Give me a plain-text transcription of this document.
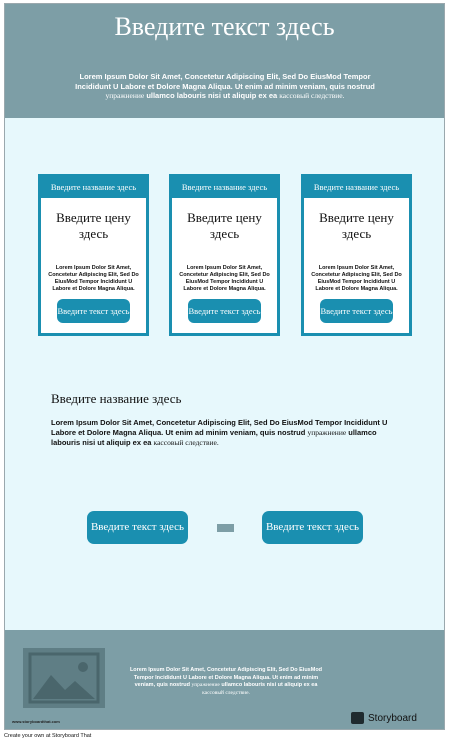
Введите текст здесь
Lorem Ipsum Dolor Sit Amet, Concetetur Adipiscing Elit, Sed Do EiusMod Tempor Incididunt U Labore et Dolore Magna Aliqua. Ut enim ad minim veniam, quis nostrud упражнение ullamco labouris nisi ut aliquip ex ea кассовый следствие.
Введите название здесь
Введите цену здесь
Lorem Ipsum Dolor Sit Amet, Concetetur Adipiscing Elit, Sed Do EiusMod Tempor Incididunt U Labore et Dolore Magna Aliqua.
Введите текст здесь
Введите название здесь
Введите цену здесь
Lorem Ipsum Dolor Sit Amet, Concetetur Adipiscing Elit, Sed Do EiusMod Tempor Incididunt U Labore et Dolore Magna Aliqua.
Введите текст здесь
Введите название здесь
Введите цену здесь
Lorem Ipsum Dolor Sit Amet, Concetetur Adipiscing Elit, Sed Do EiusMod Tempor Incididunt U Labore et Dolore Magna Aliqua.
Введите текст здесь
Введите название здесь
Lorem Ipsum Dolor Sit Amet, Concetetur Adipiscing Elit, Sed Do EiusMod Tempor Incididunt U Labore et Dolore Magna Aliqua. Ut enim ad minim veniam, quis nostrud упражнение ullamco labouris nisi ut aliquip ex ea кассовый следствие.
Введите текст здесь	Введите текст здесь
Lorem Ipsum Dolor Sit Amet, Concetetur Adipiscing Elit, Sed Do EiusMod Tempor Incididunt U Labore et Dolore Magna Aliqua. Ut enim ad minim veniam, quis nostrud упражнение ullamco labouris nisi ut aliquip ex ea кассовый следствие.
www.storyboardthat.com	Storyboard
Create your own at Storyboard That
